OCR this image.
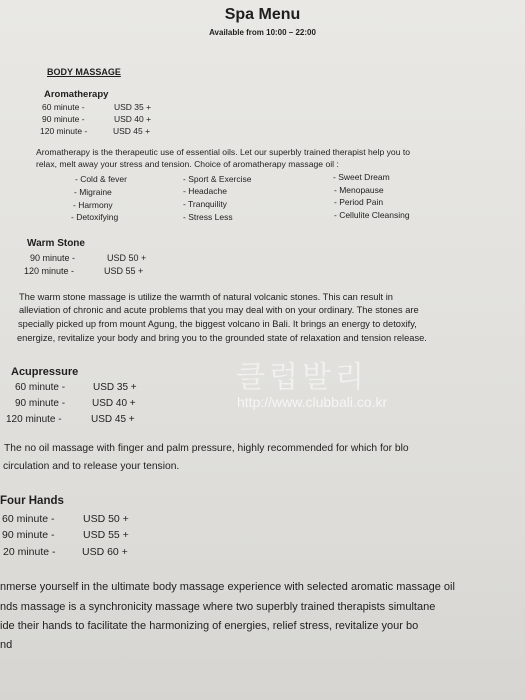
Spa Menu
Available from 10:00 – 22:00
BODY MASSAGE
Aromatherapy
60 minute -	USD 35 +
90 minute -	USD 40 +
120 minute -	USD 45 +
Aromatherapy is the therapeutic use of essential oils. Let our superbly trained therapist help you to
relax, melt away your stress and tension. Choice of aromatherapy massage oil :
- Cold & fever	- Sport & Exercise	- Sweet Dream
- Migraine	- Headache	- Menopause
- Harmony	- Tranquility	- Period Pain
- Detoxifying	- Stress Less	- Cellulite Cleansing
Warm Stone
90 minute -	USD 50 +
120 minute -	USD 55 +
The warm stone massage is utilize the warmth of natural volcanic stones. This can result in
alleviation of chronic and acute problems that you may deal with on your ordinary. The stones are
specially picked up from mount Agung, the biggest volcano in Bali. It brings an energy to detoxify,
energize, revitalize your body and bring you to the grounded state of relaxation and tension release.
클럽발리
http://www.clubbali.co.kr
Acupressure
60 minute -	USD 35 +
90 minute -	USD 40 +
120 minute -	USD 45 +
The no oil massage with finger and palm pressure, highly recommended for which for blo
circulation and to release your tension.
Four Hands
60 minute -	USD 50 +
90 minute -	USD 55 +
20 minute -	USD 60 +
nmerse yourself in the ultimate body massage experience with selected aromatic massage oil
nds massage is a synchronicity massage where two superbly trained therapists simultane
ide their hands to facilitate the harmonizing of energies, relief stress, revitalize your bo
nd
